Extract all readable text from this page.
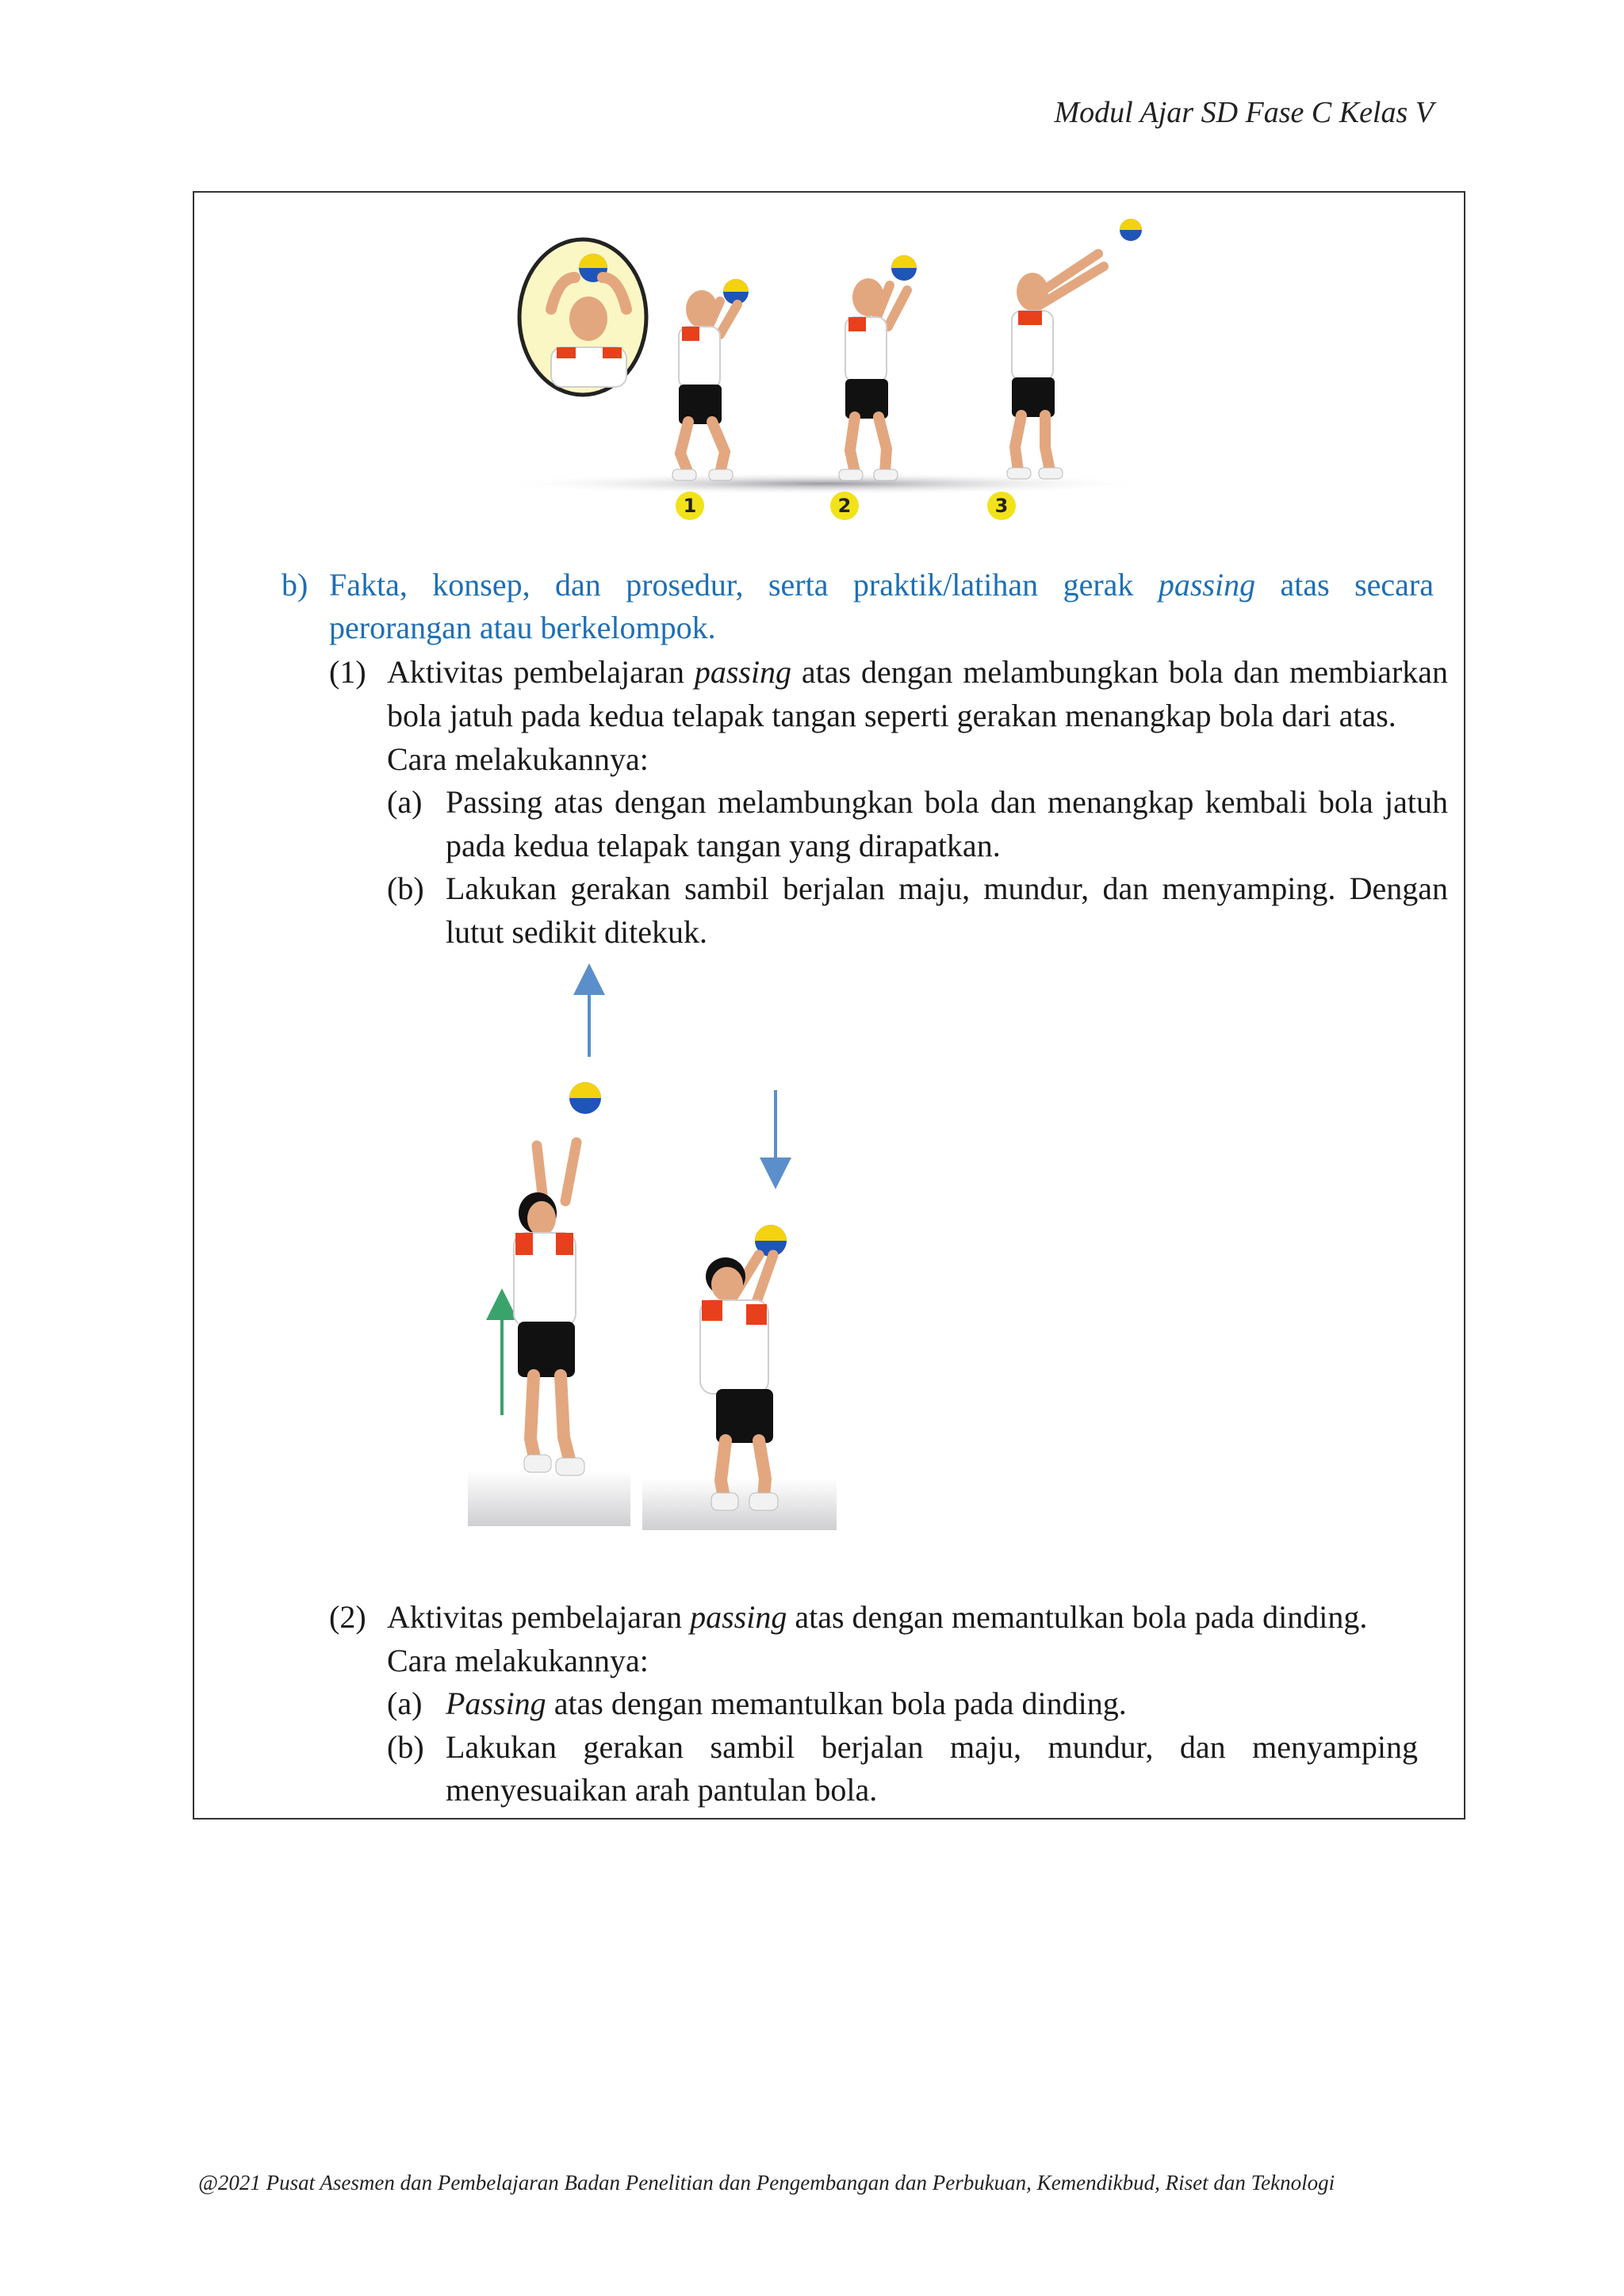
Modul Ajar SD Fase C Kelas V
1	2	3
b) Fakta, konsep, dan prosedur, serta praktik/latihan gerak passing atas secara
perorangan atau berkelompok.
(1) Aktivitas pembelajaran passing atas dengan melambungkan bola dan membiarkan
bola jatuh pada kedua telapak tangan seperti gerakan menangkap bola dari atas.
Cara melakukannya:
(a) Passing atas dengan melambungkan bola dan menangkap kembali bola jatuh
pada kedua telapak tangan yang dirapatkan.
(b) Lakukan gerakan sambil berjalan maju, mundur, dan menyamping. Dengan
lutut sedikit ditekuk.
(2) Aktivitas pembelajaran passing atas dengan memantulkan bola pada dinding.
Cara melakukannya:
(a) Passing atas dengan memantulkan bola pada dinding.
(b) Lakukan gerakan sambil berjalan maju, mundur, dan menyamping
menyesuaikan arah pantulan bola.
@2021 Pusat Asesmen dan Pembelajaran Badan Penelitian dan Pengembangan dan Perbukuan, Kemendikbud, Riset dan Teknologi
